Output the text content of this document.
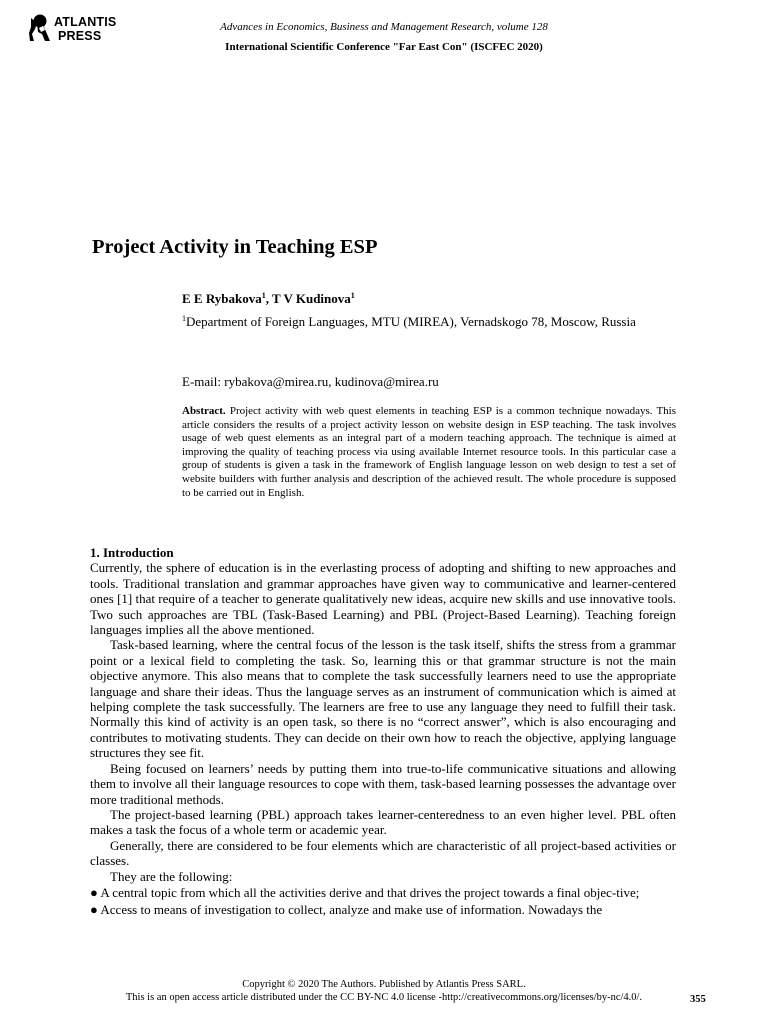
ATLANTIS
PRESS
Advances in Economics, Business and Management Research, volume 128
International Scientific Conference "Far East Con" (ISCFEC 2020)
Project Activity in Teaching ESP
E E Rybakova$^1$, T V Kudinova$^1$
$^1$Department of Foreign Languages, MTU (MIREA), Vernadskogo 78, Moscow, Russia
E-mail: rybakova@mirea.ru, kudinova@mirea.ru

Abstract. Project activity with web quest elements in teaching ESP is a common technique nowadays. This article considers the results of a project activity lesson on website design in ESP teaching. The task involves usage of web quest elements as an integral part of a modern teaching approach. The technique is aimed at improving the quality of teaching process via using available Internet resource tools. In this particular case a group of students is given a task in the framework of English language lesson on web design to test a set of website builders with further analysis and description of the achieved result. The whole procedure is supposed to be carried out in English.

1. Introduction

Currently, the sphere of education is in the everlasting process of adopting and shifting to new approaches and tools. Traditional translation and grammar approaches have given way to communicative and learner-centered ones [1] that require of a teacher to generate qualitatively new ideas, acquire new skills and use innovative tools. Two such approaches are TBL (Task-Based Learning) and PBL (Project-Based Learning). Teaching foreign languages implies all the above mentioned.

Task-based learning, where the central focus of the lesson is the task itself, shifts the stress from a grammar point or a lexical field to completing the task. So, learning this or that grammar structure is not the main objective anymore. This also means that to complete the task successfully learners need to use the appropriate language and share their ideas. Thus the language serves as an instrument of communication which is aimed at helping complete the task successfully. The learners are free to use any language they need to fulfill their task. Normally this kind of activity is an open task, so there is no “correct answer”, which is also encouraging and contributes to motivating students. They can decide on their own how to reach the objective, applying language structures they see fit.

Being focused on learners’ needs by putting them into true-to-life communicative situations and allowing them to involve all their language resources to cope with them, task-based learning possesses the advantage over more traditional methods.

The project-based learning (PBL) approach takes learner-centeredness to an even higher level. PBL often makes a task the focus of a whole term or academic year.

Generally, there are considered to be four elements which are characteristic of all project-based activities or classes.

They are the following:

● A central topic from which all the activities derive and that drives the project towards a final objec-tive;

● Access to means of investigation to collect, analyze and make use of information. Nowadays the

Copyright © 2020 The Authors. Published by Atlantis Press SARL.
This is an open access article distributed under the CC BY-NC 4.0 license -http://creativecommons.org/licenses/by-nc/4.0/.	355
